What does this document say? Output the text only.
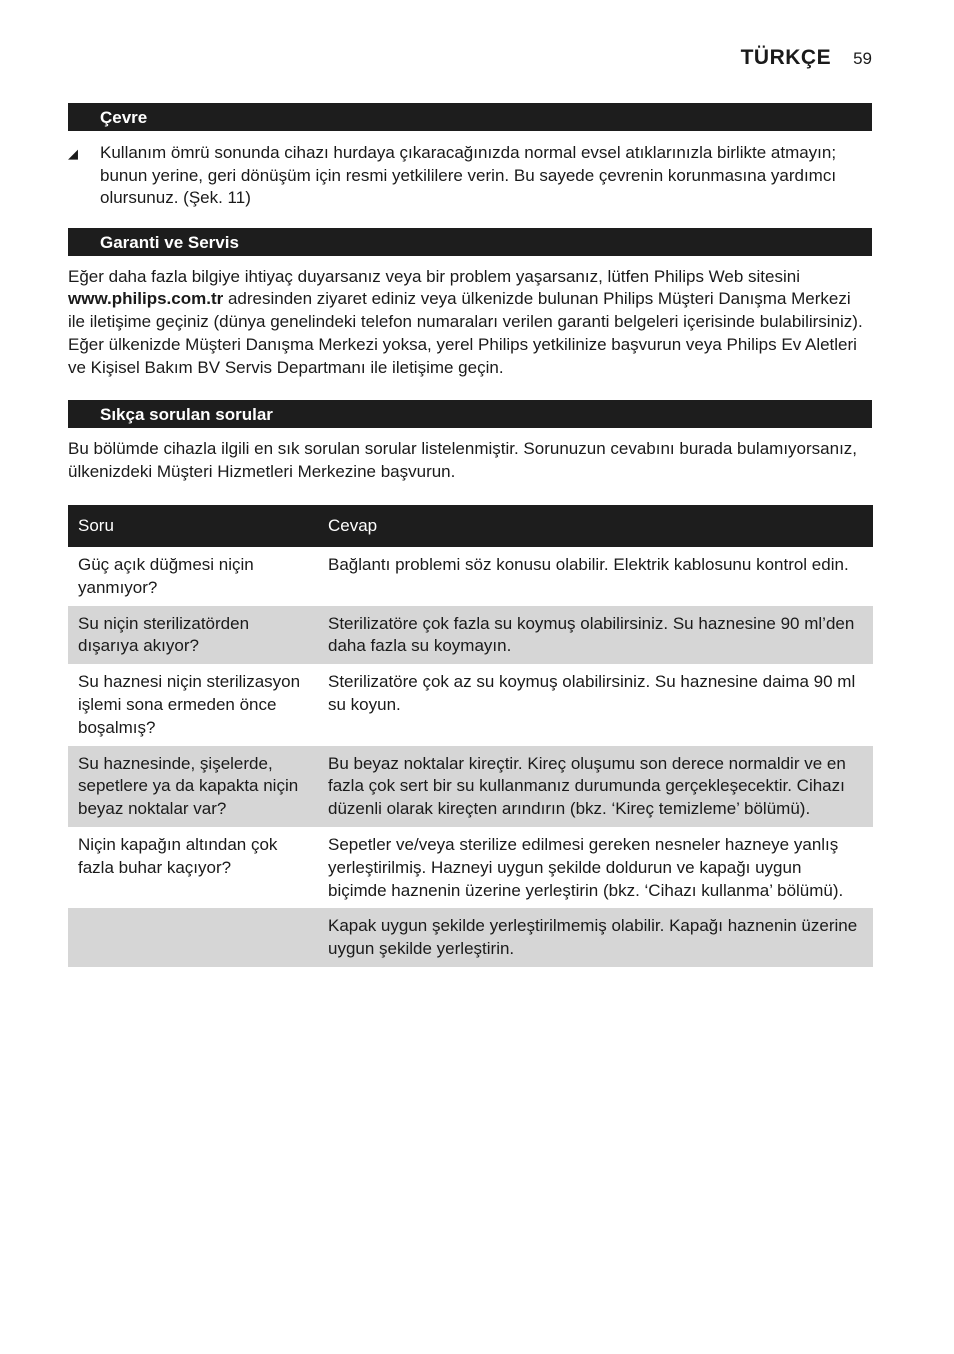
TÜRKÇE 59
Çevre
◢	Kullanım ömrü sonunda cihazı hurdaya çıkaracağınızda normal evsel atıklarınızla birlikte atmayın; bunun yerine, geri dönüşüm için resmi yetkililere verin. Bu sayede çevrenin korunmasına yardımcı olursunuz. (Şek. 11)
Garanti ve Servis

Eğer daha fazla bilgiye ihtiyaç duyarsanız veya bir problem yaşarsanız, lütfen Philips Web sitesini www.philips.com.tr adresinden ziyaret ediniz veya ülkenizde bulunan Philips Müşteri Danışma Merkezi ile iletişime geçiniz (dünya genelindeki telefon numaraları verilen garanti belgeleri içerisinde bulabilirsiniz). Eğer ülkenizde Müşteri Danışma Merkezi yoksa, yerel Philips yetkilinize başvurun veya Philips Ev Aletleri ve Kişisel Bakım BV Servis Departmanı ile iletişime geçin.

Sıkça sorulan sorular

Bu bölümde cihazla ilgili en sık sorulan sorular listelenmiştir. Sorunuzun cevabını burada bulamıyorsanız, ülkenizdeki Müşteri Hizmetleri Merkezine başvurun.

Soru	Cevap
Güç açık düğmesi niçin yanmıyor?	Bağlantı problemi söz konusu olabilir. Elektrik kablosunu kontrol edin.
Su niçin sterilizatörden dışarıya akıyor?	Sterilizatöre çok fazla su koymuş olabilirsiniz. Su haznesine 90 ml’den daha fazla su koymayın.
Su haznesi niçin sterilizasyon işlemi sona ermeden önce boşalmış?	Sterilizatöre çok az su koymuş olabilirsiniz. Su haznesine daima 90 ml su koyun.
Su haznesinde, şişelerde, sepetlere ya da kapakta niçin beyaz noktalar var?	Bu beyaz noktalar kireçtir. Kireç oluşumu son derece normaldir ve en fazla çok sert bir su kullanmanız durumunda gerçekleşecektir. Cihazı düzenli olarak kireçten arındırın (bkz. ‘Kireç temizleme’ bölümü).
Niçin kapağın altından çok fazla buhar kaçıyor?	Sepetler ve/veya sterilize edilmesi gereken nesneler hazneye yanlış yerleştirilmiş. Hazneyi uygun şekilde doldurun ve kapağı uygun biçimde haznenin üzerine yerleştirin (bkz. ‘Cihazı kullanma’ bölümü).
	Kapak uygun şekilde yerleştirilmemiş olabilir. Kapağı haznenin üzerine uygun şekilde yerleştirin.
